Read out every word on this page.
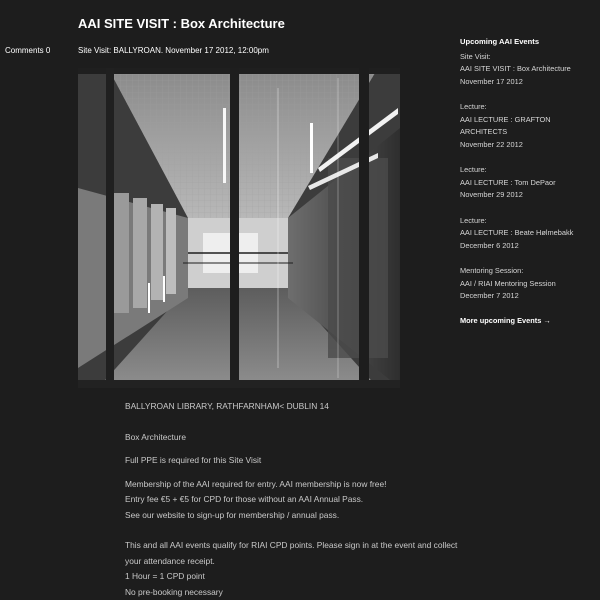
AAI SITE VISIT : Box Architecture
Comments 0	Site Visit: BALLYROAN. November 17 2012, 12:00pm

BALLYROAN LIBRARY, RATHFARNHAM< DUBLIN 14

Box Architecture

Full PPE is required for this Site Visit

Membership of the AAI required for entry. AAI membership is now free!

Entry fee €5 + €5 for CPD for those without an AAI Annual Pass.

See our website to sign-up for membership / annual pass.

This and all AAI events qualify for RIAI CPD points. Please sign in at the event and collect

your attendance receipt.

1 Hour = 1 CPD point

No pre-booking necessary

Upcoming AAI Events
Site Visit:
AAI SITE VISIT : Box Architecture
November 17 2012
Lecture:
AAI LECTURE : GRAFTON ARCHITECTS
November 22 2012
Lecture:
AAI LECTURE : Tom DePaor
November 29 2012
Lecture:
AAI LECTURE : Beate Hølmebakk
December 6 2012
Mentoring Session:
AAI / RIAI Mentoring Session
December 7 2012
More upcoming Events →
